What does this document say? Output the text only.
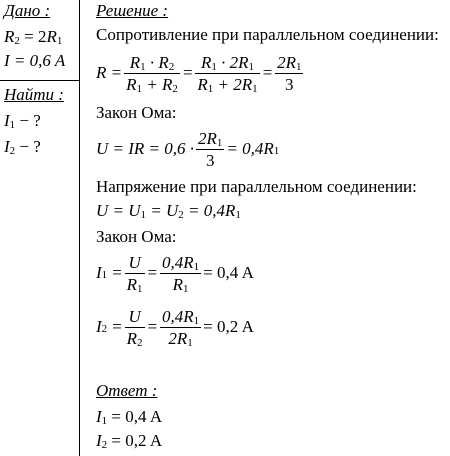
Дано :
$R_2 = 2R_1$
I = 0,6 A
Найти :
$I_1$ − ?
$I_2$ − ?
Решение :
Сопротивление при параллельном соединении:
$R = \frac{R_1 \cdot R_2}{R_1 + R_2} = \frac{R_1 \cdot 2R_1}{R_1 + 2R_1} = \frac{2R_1}{3}$
Закон Ома:
U = IR = $0,6 \cdot \frac{2R_1}{3} = 0,4R_1$
Напряжение при параллельном соединении:
$U = U_1 = U_2 = 0,4R_1$
Закон Ома:
$I_1 = \frac{U}{R_1} = \frac{0,4R_1}{R_1} = 0,4$ A
$I_2 = \frac{U}{R_2} = \frac{0,4R_1}{2R_1} = 0,2$ A
Ответ :
$I_1 = 0,4$ A
$I_2 = 0,2$ A
